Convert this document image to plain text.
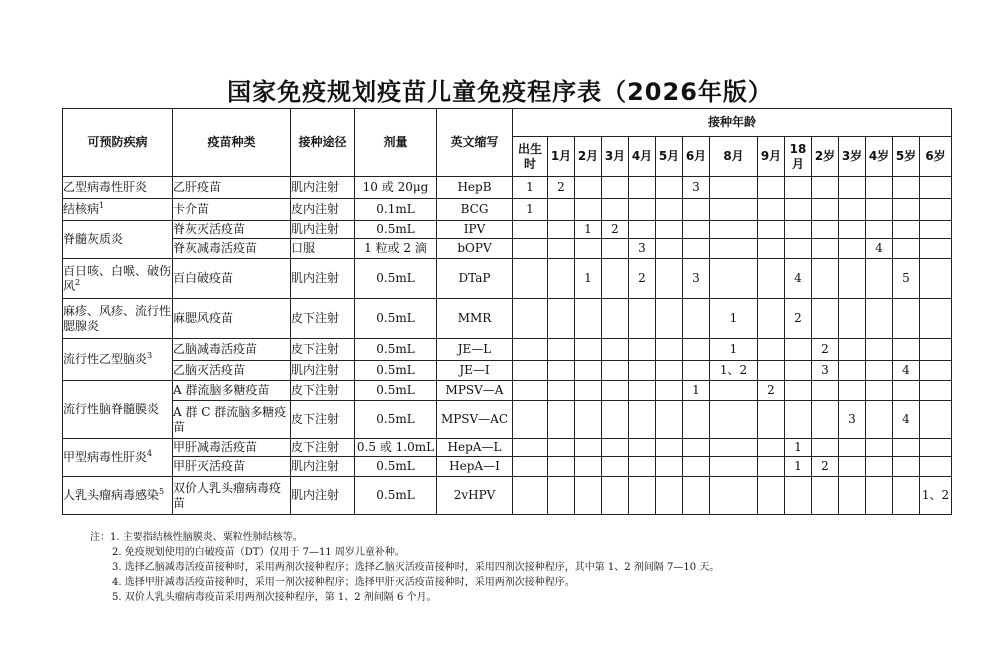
国家免疫规划疫苗儿童免疫程序表（2026年版）
可预防疾病	疫苗种类	接种途径	剂量	英文缩写	接种年龄														
					出生时	1月	2月	3月	4月	5月	6月	8月	9月	18月	2岁	3岁	4岁	5岁	6岁
乙型病毒性肝炎	乙肝疫苗	肌内注射	10 或 20μg	HepB	1	2					3								
结核病$^1$	卡介苗	皮内注射	0.1mL	BCG	1														
脊髓灰质炎	脊灰灭活疫苗	肌内注射	0.5mL	IPV			1	2											
	脊灰减毒活疫苗	口服	1 粒或 2 滴	bOPV					3								4		
百日咳、白喉、破伤风$^2$	百白破疫苗	肌内注射	0.5mL	DTaP			1		2		3			4				5	
麻疹、风疹、流行性腮腺炎	麻腮风疫苗	皮下注射	0.5mL	MMR								1		2					
流行性乙型脑炎$^3$	乙脑减毒活疫苗	皮下注射	0.5mL	JE—L								1			2				
	乙脑灭活疫苗	肌内注射	0.5mL	JE—I								1、2			3			4	
流行性脑脊髓膜炎	A 群流脑多糖疫苗	皮下注射	0.5mL	MPSV—A							1		2						
	A 群 C 群流脑多糖疫苗	皮下注射	0.5mL	MPSV—AC												3		4	
甲型病毒性肝炎$^4$	甲肝减毒活疫苗	皮下注射	0.5 或 1.0mL	HepA—L										1					
	甲肝灭活疫苗	肌内注射	0.5mL	HepA—I										1	2				
人乳头瘤病毒感染$^5$	双价人乳头瘤病毒疫苗	肌内注射	0.5mL	2vHPV															1、2
注：1. 主要指结核性脑膜炎、粟粒性肺结核等。
2. 免疫规划使用的白破疫苗（DT）仅用于 7—11 周岁儿童补种。
3. 选择乙脑减毒活疫苗接种时，采用两剂次接种程序；选择乙脑灭活疫苗接种时，采用四剂次接种程序，其中第 1、2 剂间隔 7—10 天。
4. 选择甲肝减毒活疫苗接种时，采用一剂次接种程序；选择甲肝灭活疫苗接种时，采用两剂次接种程序。
5. 双价人乳头瘤病毒疫苗采用两剂次接种程序，第 1、2 剂间隔 6 个月。
